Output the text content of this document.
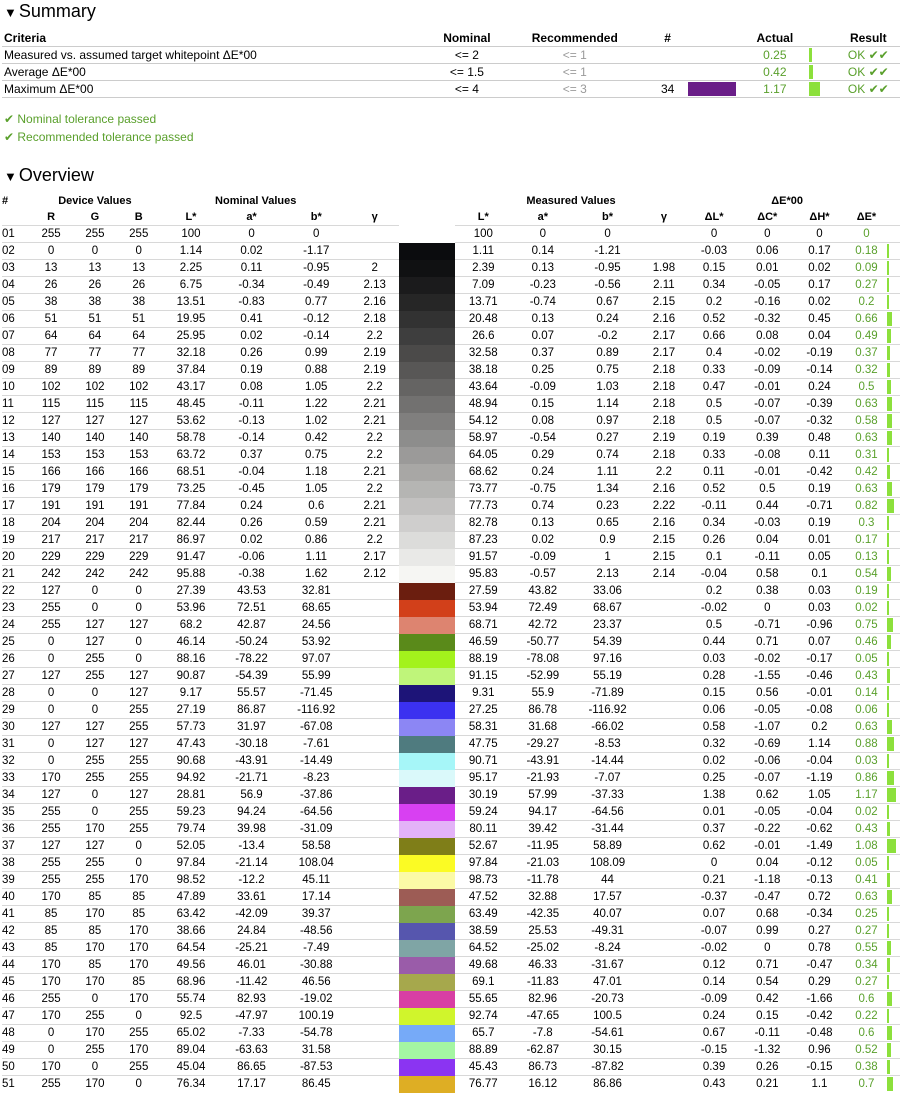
▼ Summary
Criteria	Nominal	Recommended	#		Actual		Result
Measured vs. assumed target whitepoint ΔE*00	<= 2	<= 1			0.25		OK ✔✔
Average ΔE*00	<= 1.5	<= 1			0.42		OK ✔✔
Maximum ΔE*00	<= 4	<= 3	34		1.17		OK ✔✔
✔ Nominal tolerance passed
✔ Recommended tolerance passed
▼ Overview
#	Device Values			Nominal Values					Measured Values				ΔE*00				
	R	G	B	L*	a*	b*	γ		L*	a*	b*	γ	ΔL*	ΔC*	ΔH*	ΔE*	
01	255	255	255	100	0	0			100	0	0		0	0	0	0	
02	0	0	0	1.14	0.02	-1.17			1.11	0.14	-1.21		-0.03	0.06	0.17	0.18	
03	13	13	13	2.25	0.11	-0.95	2		2.39	0.13	-0.95	1.98	0.15	0.01	0.02	0.09	
04	26	26	26	6.75	-0.34	-0.49	2.13		7.09	-0.23	-0.56	2.11	0.34	-0.05	0.17	0.27	
05	38	38	38	13.51	-0.83	0.77	2.16		13.71	-0.74	0.67	2.15	0.2	-0.16	0.02	0.2	
06	51	51	51	19.95	0.41	-0.12	2.18		20.48	0.13	0.24	2.16	0.52	-0.32	0.45	0.66	
07	64	64	64	25.95	0.02	-0.14	2.2		26.6	0.07	-0.2	2.17	0.66	0.08	0.04	0.49	
08	77	77	77	32.18	0.26	0.99	2.19		32.58	0.37	0.89	2.17	0.4	-0.02	-0.19	0.37	
09	89	89	89	37.84	0.19	0.88	2.19		38.18	0.25	0.75	2.18	0.33	-0.09	-0.14	0.32	
10	102	102	102	43.17	0.08	1.05	2.2		43.64	-0.09	1.03	2.18	0.47	-0.01	0.24	0.5	
11	115	115	115	48.45	-0.11	1.22	2.21		48.94	0.15	1.14	2.18	0.5	-0.07	-0.39	0.63	
12	127	127	127	53.62	-0.13	1.02	2.21		54.12	0.08	0.97	2.18	0.5	-0.07	-0.32	0.58	
13	140	140	140	58.78	-0.14	0.42	2.2		58.97	-0.54	0.27	2.19	0.19	0.39	0.48	0.63	
14	153	153	153	63.72	0.37	0.75	2.2		64.05	0.29	0.74	2.18	0.33	-0.08	0.11	0.31	
15	166	166	166	68.51	-0.04	1.18	2.21		68.62	0.24	1.11	2.2	0.11	-0.01	-0.42	0.42	
16	179	179	179	73.25	-0.45	1.05	2.2		73.77	-0.75	1.34	2.16	0.52	0.5	0.19	0.63	
17	191	191	191	77.84	0.24	0.6	2.21		77.73	0.74	0.23	2.22	-0.11	0.44	-0.71	0.82	
18	204	204	204	82.44	0.26	0.59	2.21		82.78	0.13	0.65	2.16	0.34	-0.03	0.19	0.3	
19	217	217	217	86.97	0.02	0.86	2.2		87.23	0.02	0.9	2.15	0.26	0.04	0.01	0.17	
20	229	229	229	91.47	-0.06	1.11	2.17		91.57	-0.09	1	2.15	0.1	-0.11	0.05	0.13	
21	242	242	242	95.88	-0.38	1.62	2.12		95.83	-0.57	2.13	2.14	-0.04	0.58	0.1	0.54	
22	127	0	0	27.39	43.53	32.81			27.59	43.82	33.06		0.2	0.38	0.03	0.19	
23	255	0	0	53.96	72.51	68.65			53.94	72.49	68.67		-0.02	0	0.03	0.02	
24	255	127	127	68.2	42.87	24.56			68.71	42.72	23.37		0.5	-0.71	-0.96	0.75	
25	0	127	0	46.14	-50.24	53.92			46.59	-50.77	54.39		0.44	0.71	0.07	0.46	
26	0	255	0	88.16	-78.22	97.07			88.19	-78.08	97.16		0.03	-0.02	-0.17	0.05	
27	127	255	127	90.87	-54.39	55.99			91.15	-52.99	55.19		0.28	-1.55	-0.46	0.43	
28	0	0	127	9.17	55.57	-71.45			9.31	55.9	-71.89		0.15	0.56	-0.01	0.14	
29	0	0	255	27.19	86.87	-116.92			27.25	86.78	-116.92		0.06	-0.05	-0.08	0.06	
30	127	127	255	57.73	31.97	-67.08			58.31	31.68	-66.02		0.58	-1.07	0.2	0.63	
31	0	127	127	47.43	-30.18	-7.61			47.75	-29.27	-8.53		0.32	-0.69	1.14	0.88	
32	0	255	255	90.68	-43.91	-14.49			90.71	-43.91	-14.44		0.02	-0.06	-0.04	0.03	
33	170	255	255	94.92	-21.71	-8.23			95.17	-21.93	-7.07		0.25	-0.07	-1.19	0.86	
34	127	0	127	28.81	56.9	-37.86			30.19	57.99	-37.33		1.38	0.62	1.05	1.17	
35	255	0	255	59.23	94.24	-64.56			59.24	94.17	-64.56		0.01	-0.05	-0.04	0.02	
36	255	170	255	79.74	39.98	-31.09			80.11	39.42	-31.44		0.37	-0.22	-0.62	0.43	
37	127	127	0	52.05	-13.4	58.58			52.67	-11.95	58.89		0.62	-0.01	-1.49	1.08	
38	255	255	0	97.84	-21.14	108.04			97.84	-21.03	108.09		0	0.04	-0.12	0.05	
39	255	255	170	98.52	-12.2	45.11			98.73	-11.78	44		0.21	-1.18	-0.13	0.41	
40	170	85	85	47.89	33.61	17.14			47.52	32.88	17.57		-0.37	-0.47	0.72	0.63	
41	85	170	85	63.42	-42.09	39.37			63.49	-42.35	40.07		0.07	0.68	-0.34	0.25	
42	85	85	170	38.66	24.84	-48.56			38.59	25.53	-49.31		-0.07	0.99	0.27	0.27	
43	85	170	170	64.54	-25.21	-7.49			64.52	-25.02	-8.24		-0.02	0	0.78	0.55	
44	170	85	170	49.56	46.01	-30.88			49.68	46.33	-31.67		0.12	0.71	-0.47	0.34	
45	170	170	85	68.96	-11.42	46.56			69.1	-11.83	47.01		0.14	0.54	0.29	0.27	
46	255	0	170	55.74	82.93	-19.02			55.65	82.96	-20.73		-0.09	0.42	-1.66	0.6	
47	170	255	0	92.5	-47.97	100.19			92.74	-47.65	100.5		0.24	0.15	-0.42	0.22	
48	0	170	255	65.02	-7.33	-54.78			65.7	-7.8	-54.61		0.67	-0.11	-0.48	0.6	
49	0	255	170	89.04	-63.63	31.58			88.89	-62.87	30.15		-0.15	-1.32	0.96	0.52	
50	170	0	255	45.04	86.65	-87.53			45.43	86.73	-87.82		0.39	0.26	-0.15	0.38	
51	255	170	0	76.34	17.17	86.45			76.77	16.12	86.86		0.43	0.21	1.1	0.7	
